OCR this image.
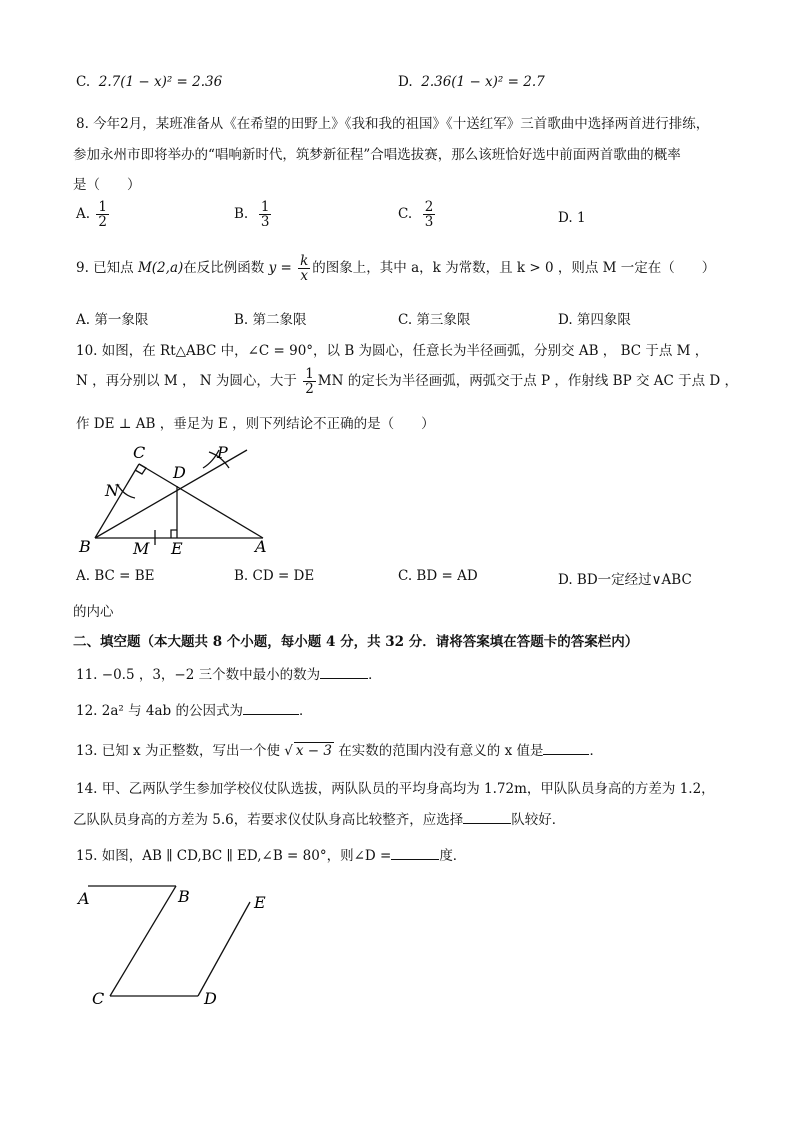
C. 2.7(1 − x)² = 2.36	D. 2.36(1 − x)² = 2.7
8. 今年2月，某班准备从《在希望的田野上》《我和我的祖国》《十送红军》三首歌曲中选择两首进行排练，
参加永州市即将举办的“唱响新时代，筑梦新征程”合唱选拔赛，那么该班恰好选中前面两首歌曲的概率
是（　　）
A. $\frac{1}{2}$	B. $\frac{1}{3}$	C. $\frac{2}{3}$	D. 1
9. 已知点 M(2,a)在反比例函数 $y = \frac{k}{x}$ 的图象上，其中 a，k 为常数，且 k > 0 ，则点 M 一定在（　　）
A. 第一象限	B. 第二象限	C. 第三象限	D. 第四象限
10. 如图，在 Rt△ABC 中，∠C = 90°，以 B 为圆心，任意长为半径画弧，分别交 AB ， BC 于点 M ，
N ，再分别以 M ， N 为圆心，大于 $\frac{1}{2}$ MN 的定长为半径画弧，两弧交于点 P ，作射线 BP 交 AC 于点 D ，
作 DE ⊥ AB ，垂足为 E ，则下列结论不正确的是（　　）
C
D
P
N
B	M E	A
A. BC = BE	B. CD = DE	C. BD = AD	D. BD一定经过∨ABC
的内心
二、填空题（本大题共 8 个小题，每小题 4 分，共 32 分．请将答案填在答题卡的答案栏内）
11. −0.5 ，3，−2 三个数中最小的数为	．
12. 2a² 与 4ab 的公因式为	．
13. 已知 x 为正整数，写出一个使 √ x − 3 在实数的范围内没有意义的 x 值是	．
14. 甲、乙两队学生参加学校仪仗队选拔，两队队员的平均身高均为 1.72m，甲队队员身高的方差为 1.2，
乙队队员身高的方差为 5.6，若要求仪仗队身高比较整齐，应选择	队较好．
15. 如图，AB ∥ CD,BC ∥ ED,∠B = 80°，则∠D =	度．
A	B
C	D
E
